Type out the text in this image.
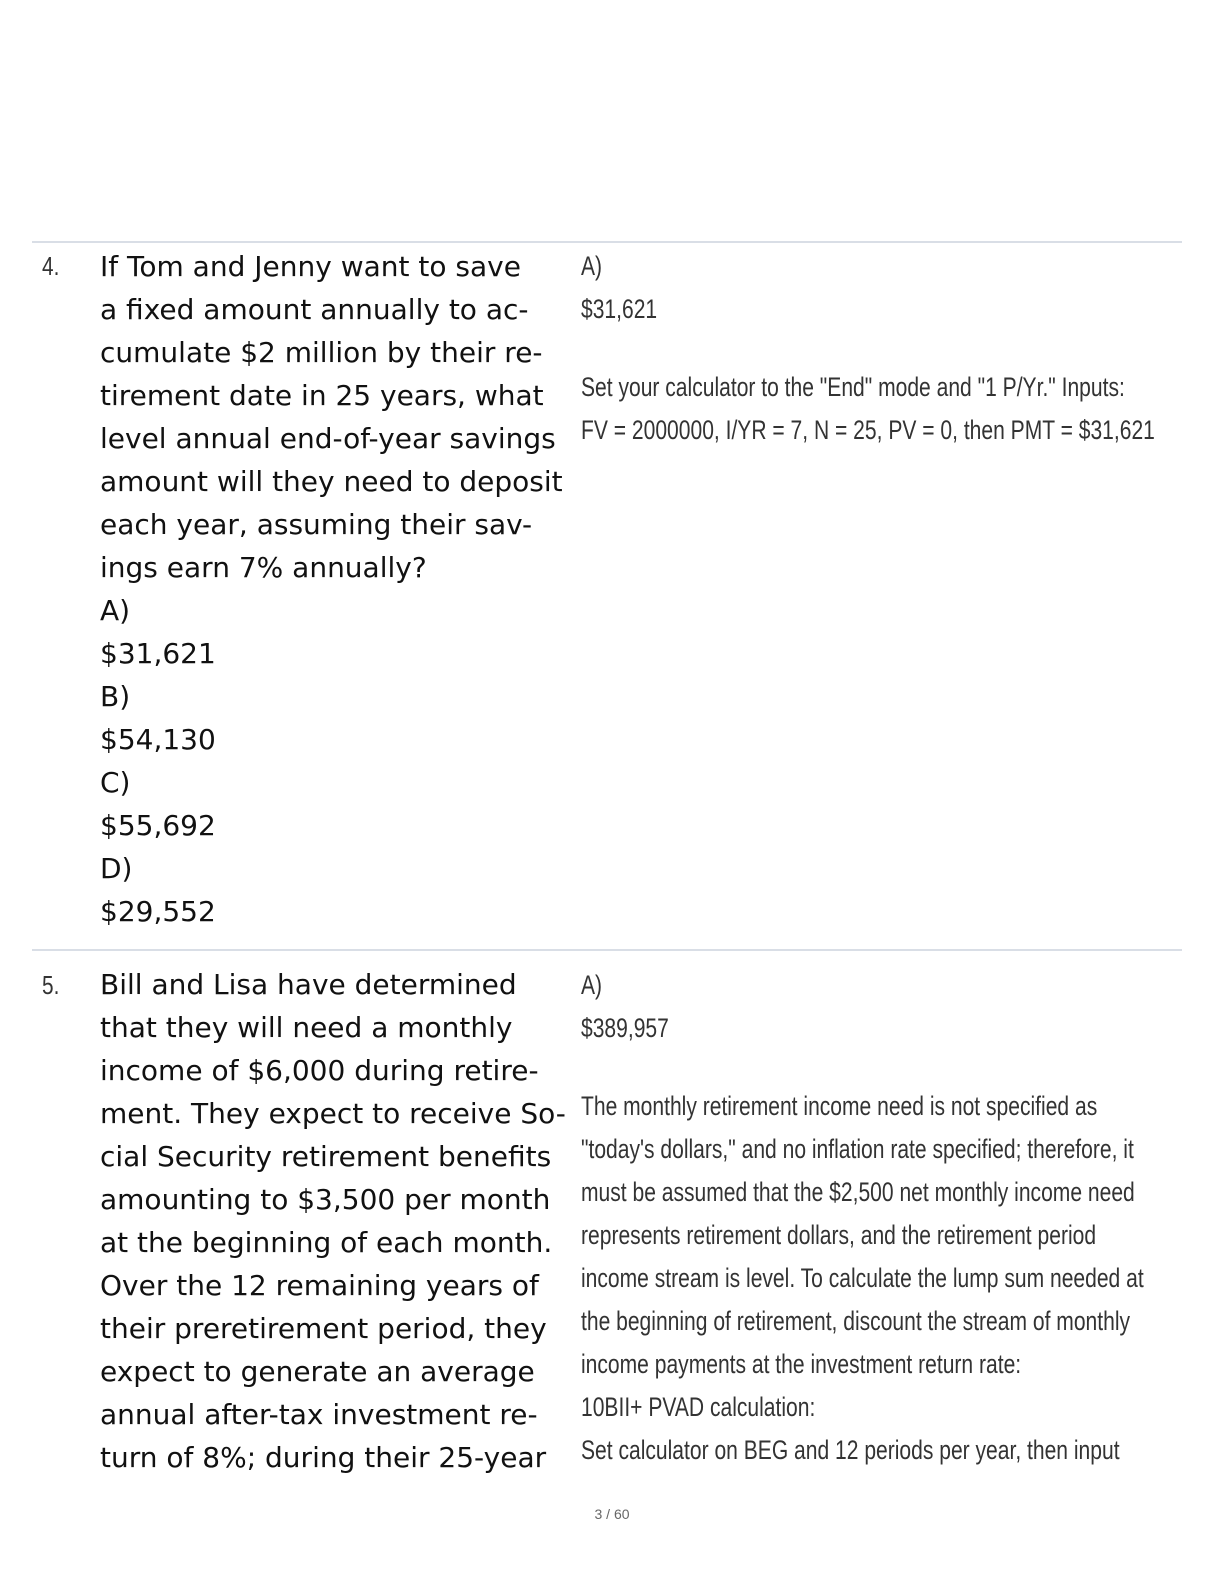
4. If Tom and Jenny want to save
a fixed amount annually to ac-
cumulate $2 million by their re-
tirement date in 25 years, what
level annual end-of-year savings
amount will they need to deposit
each year, assuming their sav-
ings earn 7% annually?
A)
$31,621
B)
$54,130
C)
$55,692
D)
$29,552
A)
$31,621
Set your calculator to the "End" mode and "1 P/Yr." Inputs:
FV = 2000000, I/YR = 7, N = 25, PV = 0, then PMT = $31,621
5. Bill and Lisa have determined
that they will need a monthly
income of $6,000 during retire-
ment. They expect to receive So-
cial Security retirement benefits
amounting to $3,500 per month
at the beginning of each month.
Over the 12 remaining years of
their preretirement period, they
expect to generate an average
annual after-tax investment re-
turn of 8%; during their 25-year
A)
$389,957
The monthly retirement income need is not specified as
"today's dollars," and no inflation rate specified; therefore, it
must be assumed that the $2,500 net monthly income need
represents retirement dollars, and the retirement period
income stream is level. To calculate the lump sum needed at
the beginning of retirement, discount the stream of monthly
income payments at the investment return rate:
10BII+ PVAD calculation:
Set calculator on BEG and 12 periods per year, then input
3 / 60
